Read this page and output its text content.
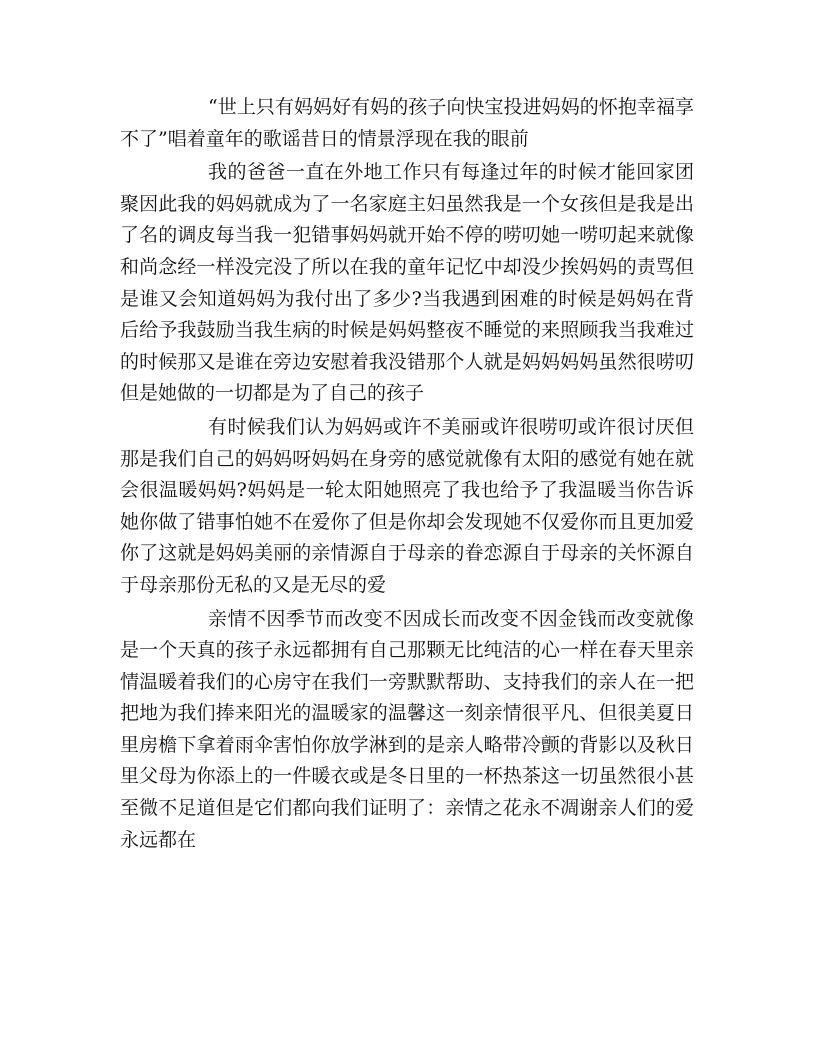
“世上只有妈妈好有妈的孩子向快宝投进妈妈的怀抱幸福享不了”唱着童年的歌谣昔日的情景浮现在我的眼前

我的爸爸一直在外地工作只有每逢过年的时候才能回家团聚因此我的妈妈就成为了一名家庭主妇虽然我是一个女孩但是我是出了名的调皮每当我一犯错事妈妈就开始不停的唠叨她一唠叨起来就像和尚念经一样没完没了所以在我的童年记忆中却没少挨妈妈的责骂但是谁又会知道妈妈为我付出了多少?当我遇到困难的时候是妈妈在背后给予我鼓励当我生病的时候是妈妈整夜不睡觉的来照顾我当我难过的时候那又是谁在旁边安慰着我没错那个人就是妈妈妈妈虽然很唠叨但是她做的一切都是为了自己的孩子

有时候我们认为妈妈或许不美丽或许很唠叨或许很讨厌但那是我们自己的妈妈呀妈妈在身旁的感觉就像有太阳的感觉有她在就会很温暖妈妈?妈妈是一轮太阳她照亮了我也给予了我温暖当你告诉她你做了错事怕她不在爱你了但是你却会发现她不仅爱你而且更加爱你了这就是妈妈美丽的亲情源自于母亲的眷恋源自于母亲的关怀源自于母亲那份无私的又是无尽的爱

亲情不因季节而改变不因成长而改变不因金钱而改变就像是一个天真的孩子永远都拥有自己那颗无比纯洁的心一样在春天里亲情温暖着我们的心房守在我们一旁默默帮助、支持我们的亲人在一把把地为我们捧来阳光的温暖家的温馨这一刻亲情很平凡、但很美夏日里房檐下拿着雨伞害怕你放学淋到的是亲人略带冷颤的背影以及秋日里父母为你添上的一件暖衣或是冬日里的一杯热茶这一切虽然很小甚至微不足道但是它们都向我们证明了：亲情之花永不凋谢亲人们的爱永远都在
